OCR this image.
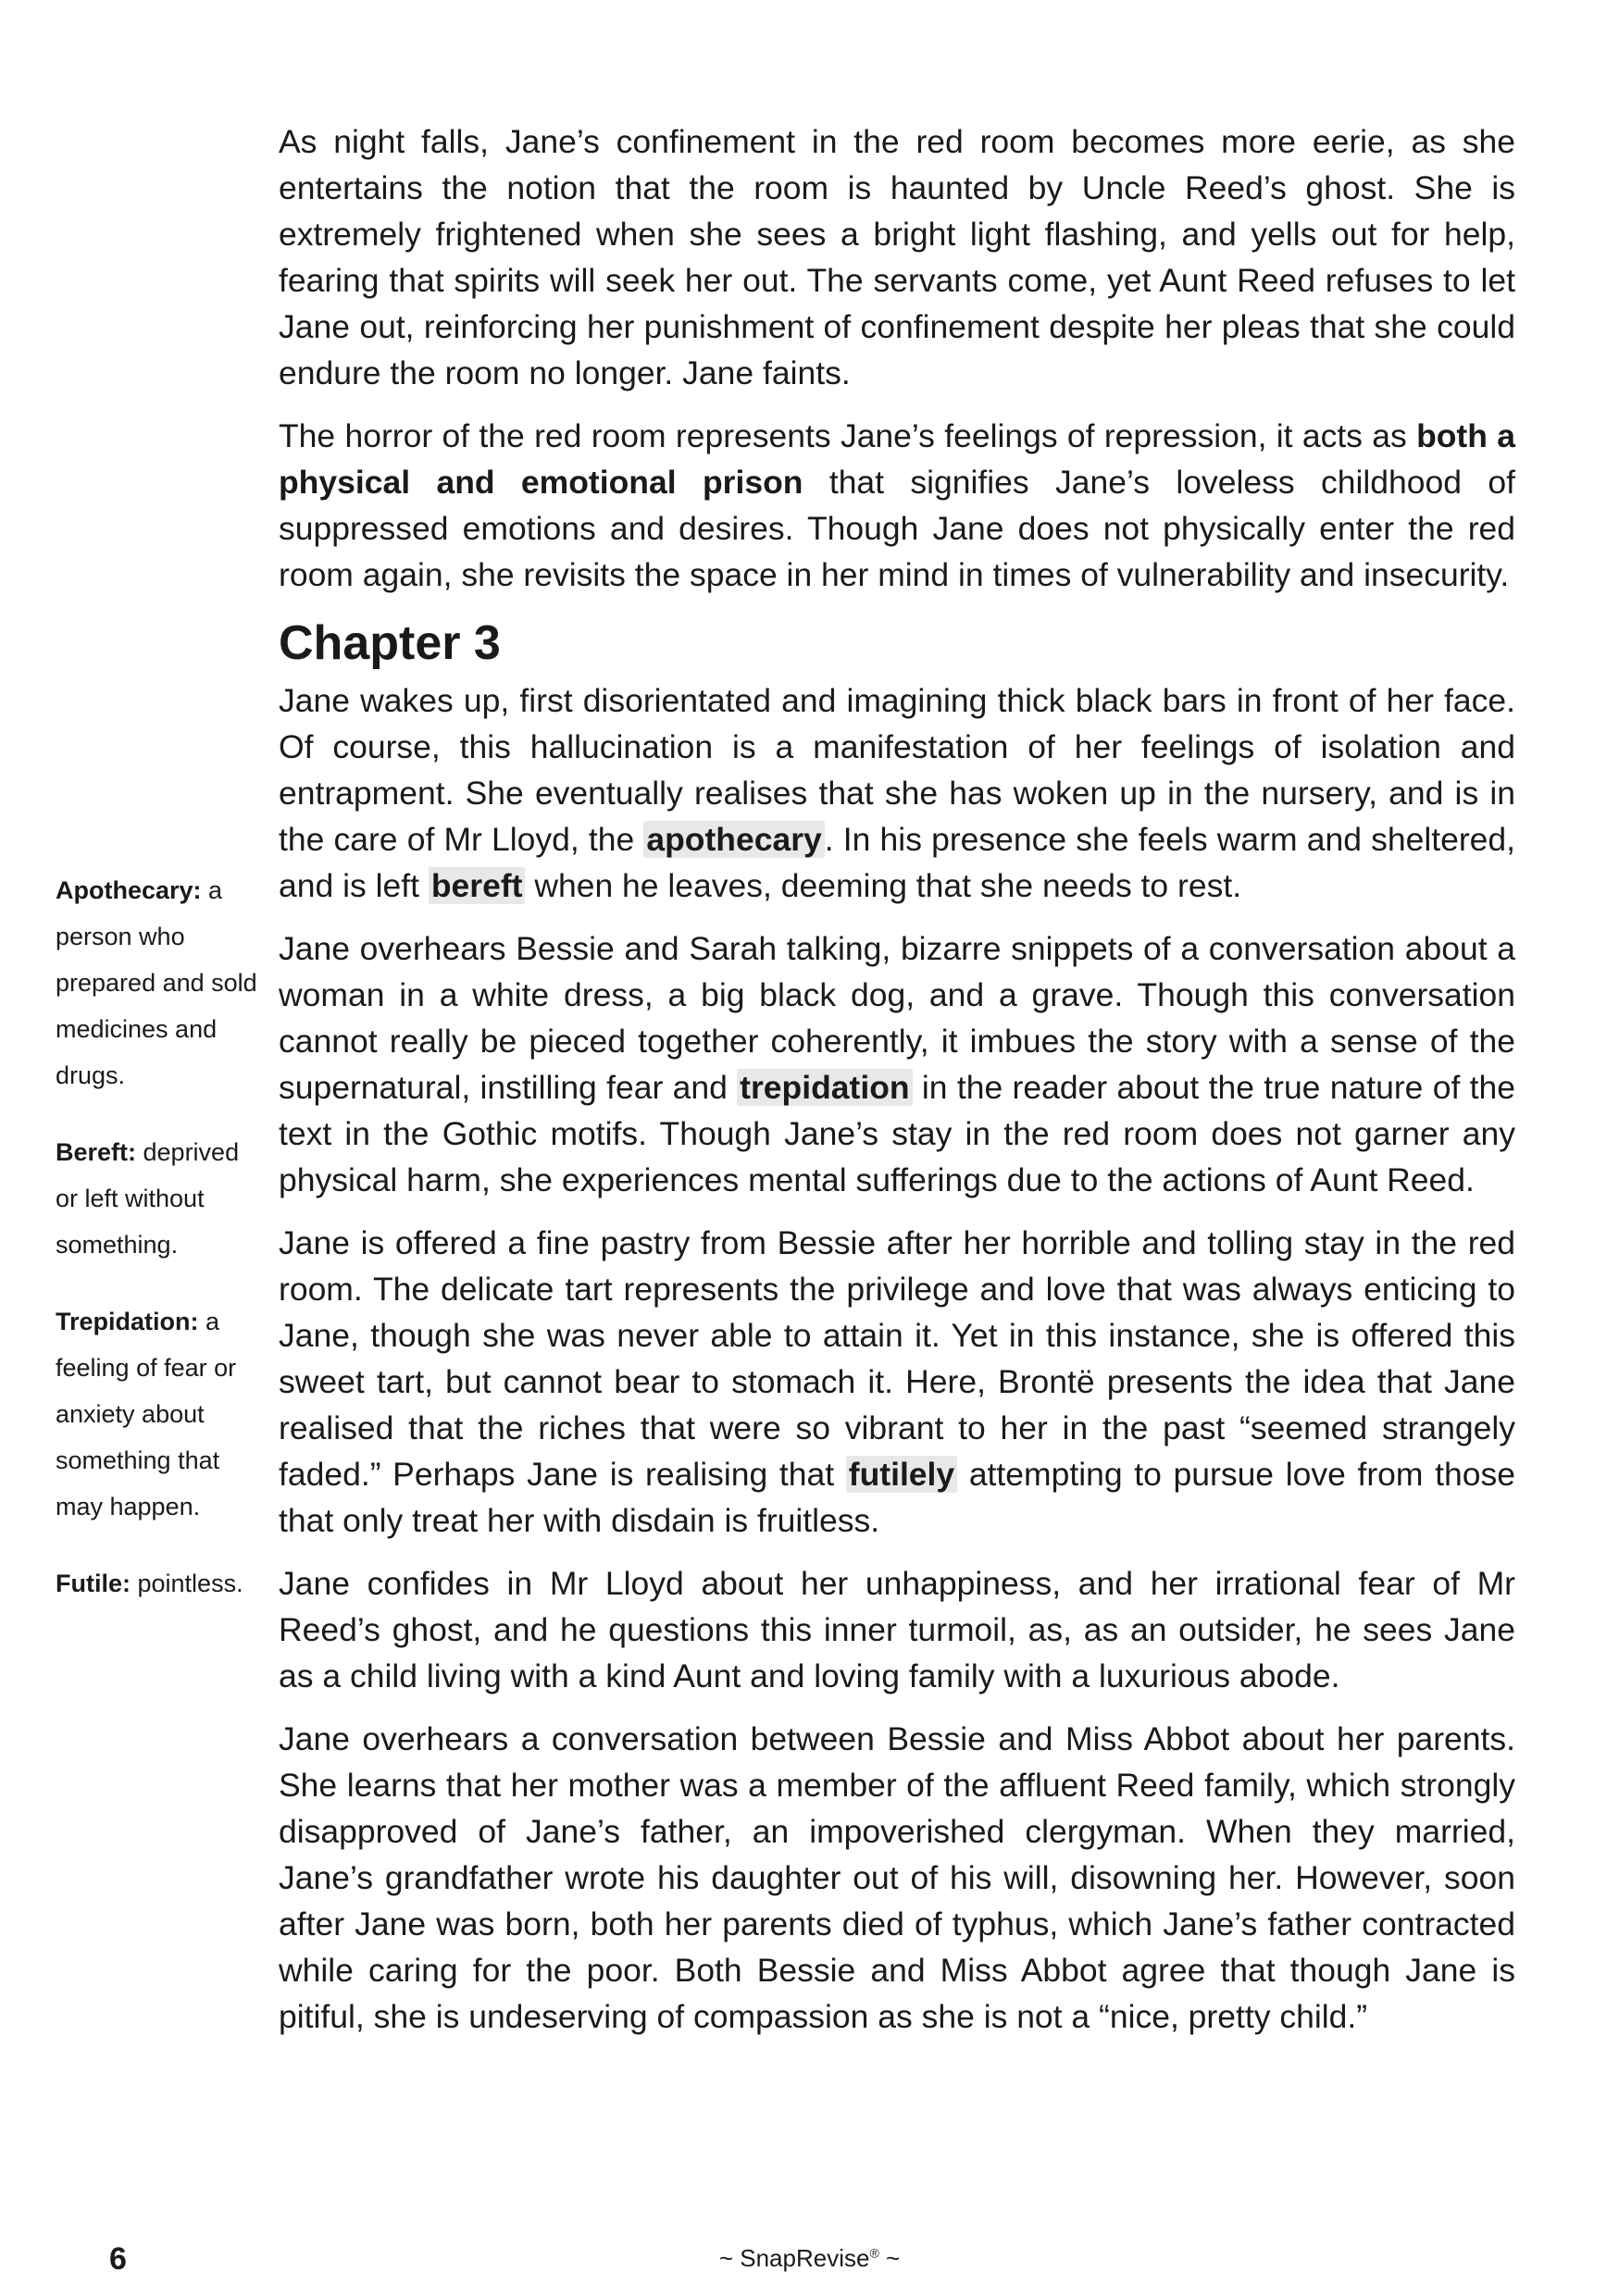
As night falls, Jane’s confinement in the red room becomes more eerie, as she entertains the notion that the room is haunted by Uncle Reed’s ghost. She is extremely frightened when she sees a bright light flashing, and yells out for help, fearing that spirits will seek her out. The servants come, yet Aunt Reed refuses to let Jane out, reinforcing her punishment of confinement despite her pleas that she could endure the room no longer. Jane faints.

The horror of the red room represents Jane’s feelings of repression, it acts as both a physical and emotional prison that signifies Jane’s loveless childhood of suppressed emotions and desires. Though Jane does not physically enter the red room again, she revisits the space in her mind in times of vulnerability and insecurity.

Chapter 3

Jane wakes up, first disorientated and imagining thick black bars in front of her face. Of course, this hallucination is a manifestation of her feelings of isolation and entrapment. She eventually realises that she has woken up in the nursery, and is in the care of Mr Lloyd, the apothecary. In his presence she feels warm and sheltered, and is left bereft when he leaves, deeming that she needs to rest.

Jane overhears Bessie and Sarah talking, bizarre snippets of a conversation about a woman in a white dress, a big black dog, and a grave. Though this conversation cannot really be pieced together coherently, it imbues the story with a sense of the supernatural, instilling fear and trepidation in the reader about the true nature of the text in the Gothic motifs. Though Jane’s stay in the red room does not garner any physical harm, she experiences mental sufferings due to the actions of Aunt Reed.

Jane is offered a fine pastry from Bessie after her horrible and tolling stay in the red room. The delicate tart represents the privilege and love that was always enticing to Jane, though she was never able to attain it. Yet in this instance, she is offered this sweet tart, but cannot bear to stomach it. Here, Brontë presents the idea that Jane realised that the riches that were so vibrant to her in the past “seemed strangely faded.” Perhaps Jane is realising that futilely attempting to pursue love from those that only treat her with disdain is fruitless.

Jane confides in Mr Lloyd about her unhappiness, and her irrational fear of Mr Reed’s ghost, and he questions this inner turmoil, as, as an outsider, he sees Jane as a child living with a kind Aunt and loving family with a luxurious abode.

Jane overhears a conversation between Bessie and Miss Abbot about her parents. She learns that her mother was a member of the affluent Reed family, which strongly disapproved of Jane’s father, an impoverished clergyman. When they married, Jane’s grandfather wrote his daughter out of his will, disowning her. However, soon after Jane was born, both her parents died of typhus, which Jane’s father contracted while caring for the poor. Both Bessie and Miss Abbot agree that though Jane is pitiful, she is undeserving of compassion as she is not a “nice, pretty child.”

Apothecary: a person who prepared and sold medicines and drugs.
Bereft: deprived or left without something.
Trepidation: a feeling of fear or anxiety about something that may happen.
Futile: pointless.
6	~ SnapRevise® ~
